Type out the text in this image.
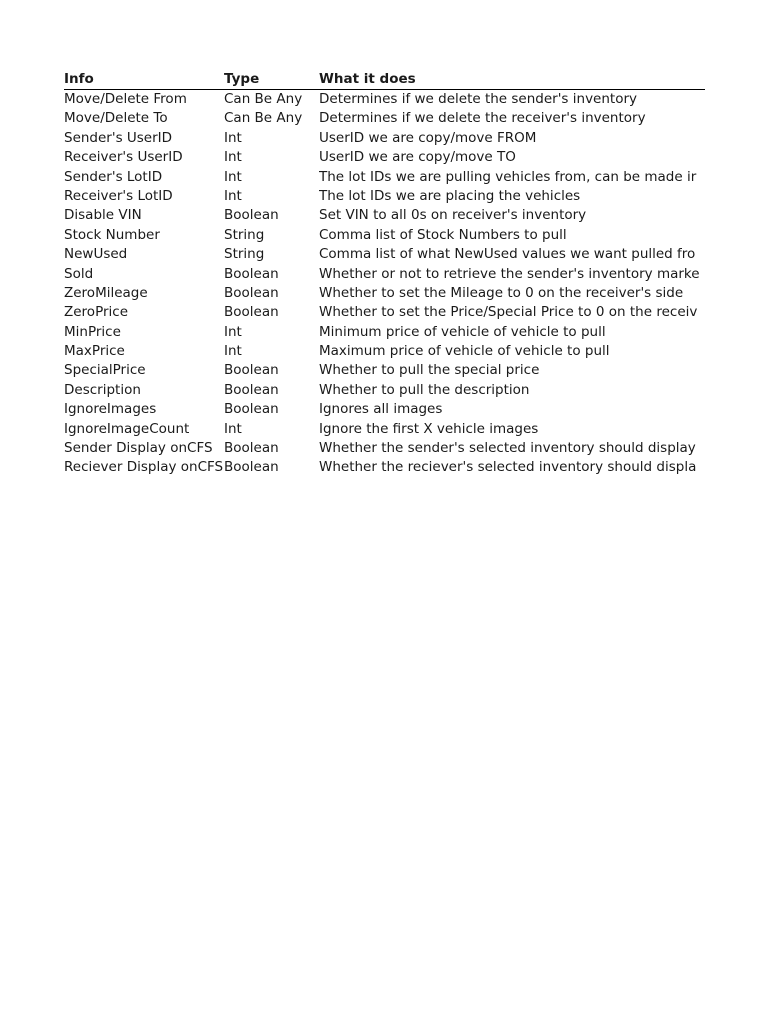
Info	Type	What it does
Move/Delete From	Can Be Any	Determines if we delete the sender's inventory
Move/Delete To	Can Be Any	Determines if we delete the receiver's inventory
Sender's UserID	Int	UserID we are copy/move FROM
Receiver's UserID	Int	UserID we are copy/move TO
Sender's LotID	Int	The lot IDs we are pulling vehicles from, can be made ir
Receiver's LotID	Int	The lot IDs we are placing the vehicles
Disable VIN	Boolean	Set VIN to all 0s on receiver's inventory
Stock Number	String	Comma list of Stock Numbers to pull
NewUsed	String	Comma list of what NewUsed values we want pulled fro
Sold	Boolean	Whether or not to retrieve the sender's inventory marke
ZeroMileage	Boolean	Whether to set the Mileage to 0 on the receiver's side
ZeroPrice	Boolean	Whether to set the Price/Special Price to 0 on the receiv
MinPrice	Int	Minimum price of vehicle of vehicle to pull
MaxPrice	Int	Maximum price of vehicle of vehicle to pull
SpecialPrice	Boolean	Whether to pull the special price
Description	Boolean	Whether to pull the description
IgnoreImages	Boolean	Ignores all images
IgnoreImageCount	Int	Ignore the first X vehicle images
Sender Display onCFS Boolean	Whether the sender's selected inventory should display
Reciever Display onCFS Boolean	Whether the reciever's selected inventory should displa
